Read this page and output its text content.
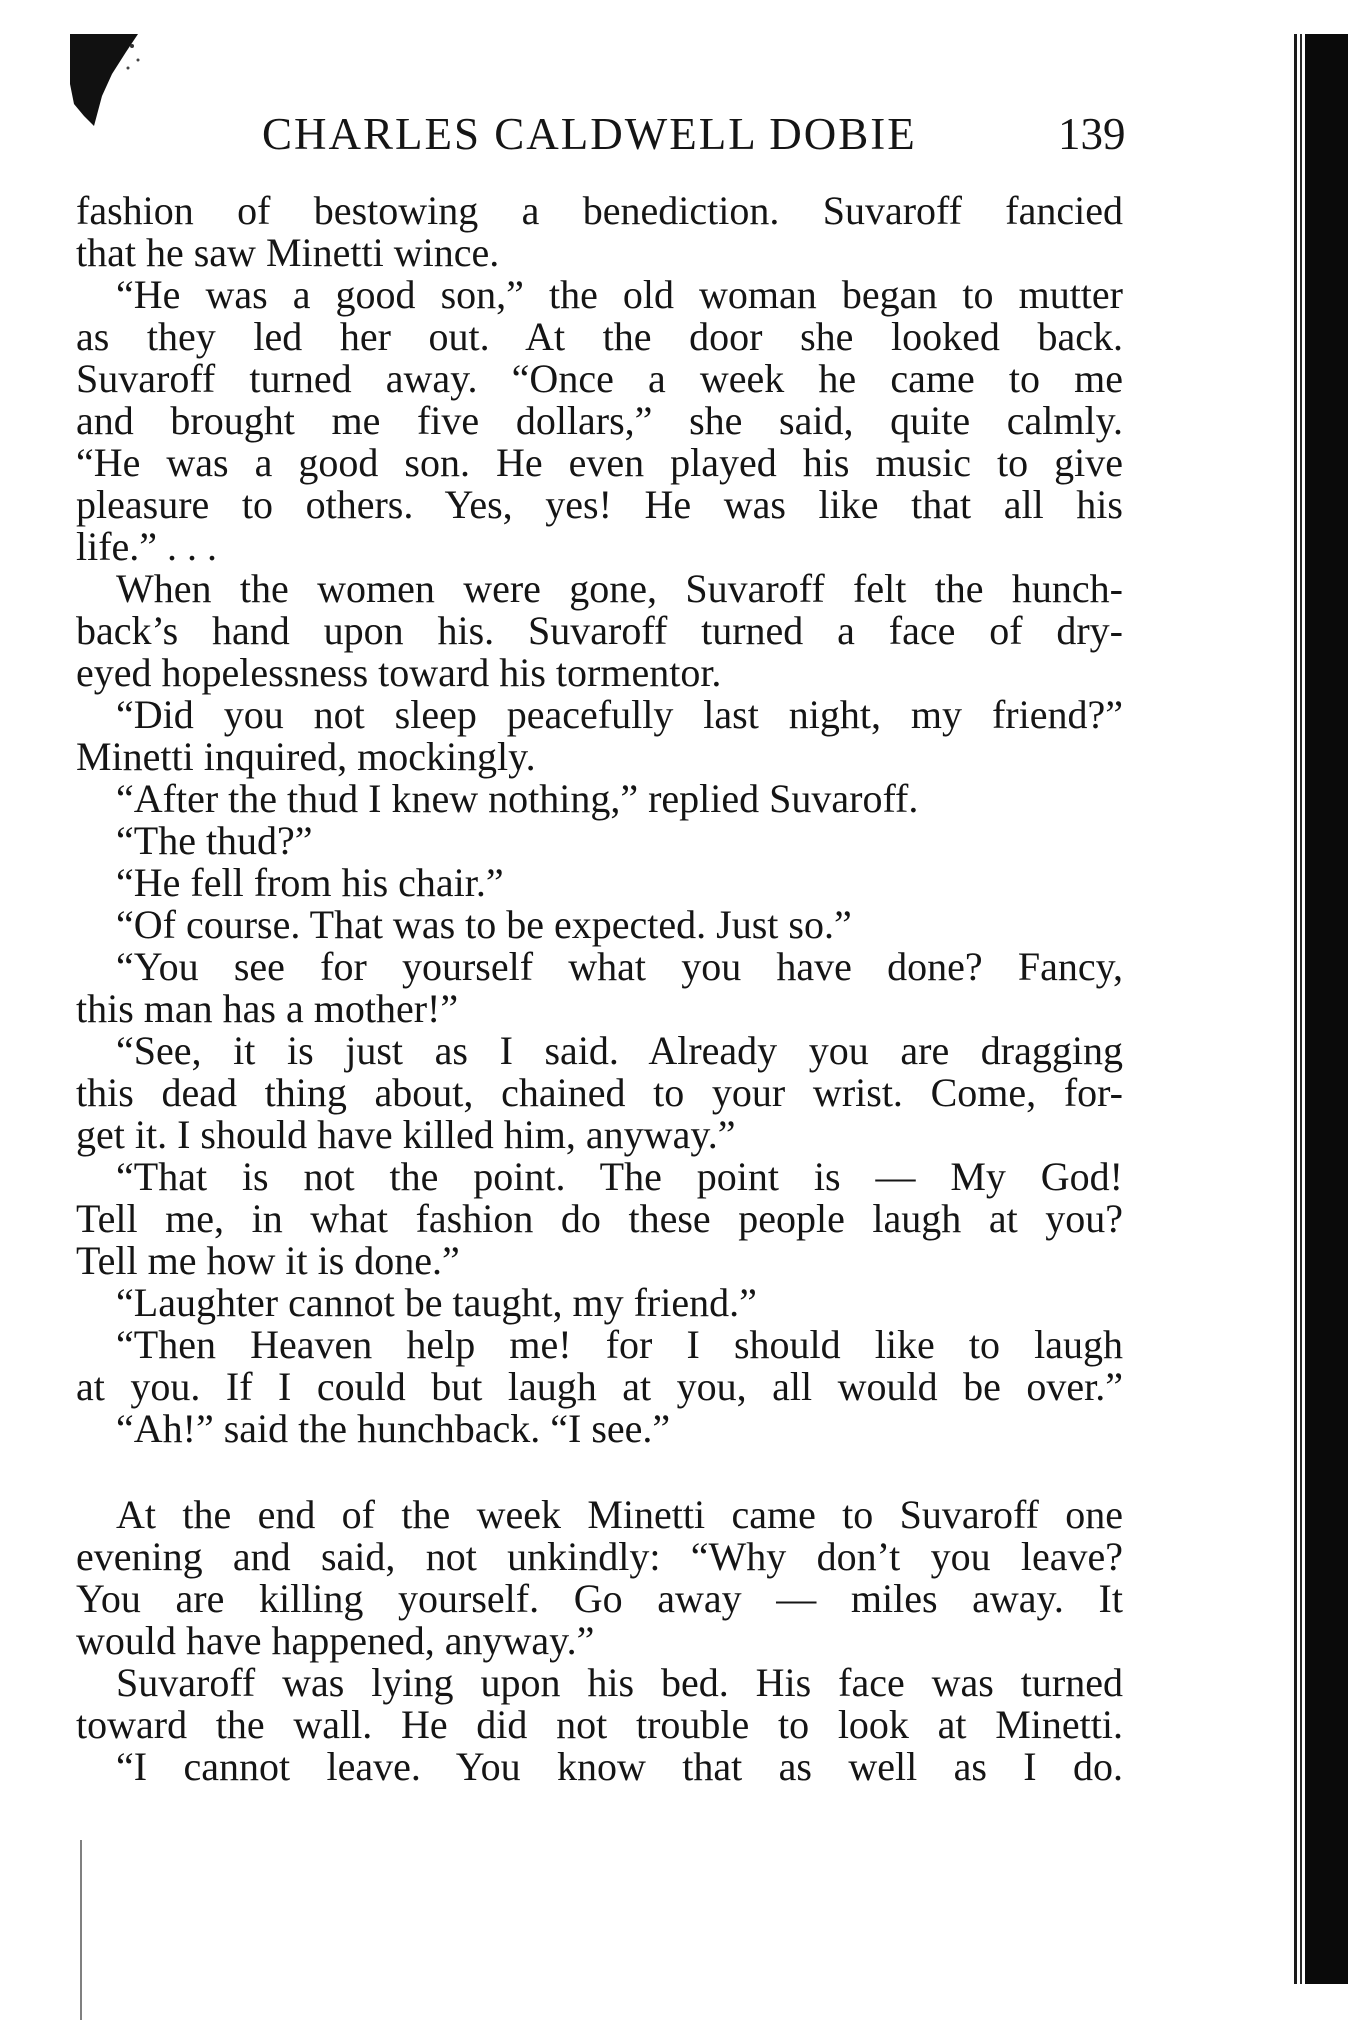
CHARLES CALDWELL DOBIE	139
fashion of bestowing a benediction. Suvaroff fancied
that he saw Minetti wince.
“He was a good son,” the old woman began to mutter
as they led her out. At the door she looked back.
Suvaroff turned away. “Once a week he came to me
and brought me five dollars,” she said, quite calmly.
“He was a good son. He even played his music to give
pleasure to others. Yes, yes! He was like that all his
life.” . . .
When the women were gone, Suvaroff felt the hunch-
back’s hand upon his. Suvaroff turned a face of dry-
eyed hopelessness toward his tormentor.
“Did you not sleep peacefully last night, my friend?”
Minetti inquired, mockingly.
“After the thud I knew nothing,” replied Suvaroff.
“The thud?”
“He fell from his chair.”
“Of course. That was to be expected. Just so.”
“You see for yourself what you have done? Fancy,
this man has a mother!”
“See, it is just as I said. Already you are dragging
this dead thing about, chained to your wrist. Come, for-
get it. I should have killed him, anyway.”
“That is not the point. The point is — My God!
Tell me, in what fashion do these people laugh at you?
Tell me how it is done.”
“Laughter cannot be taught, my friend.”
“Then Heaven help me! for I should like to laugh
at you. If I could but laugh at you, all would be over.”
“Ah!” said the hunchback. “I see.”
At the end of the week Minetti came to Suvaroff one
evening and said, not unkindly: “Why don’t you leave?
You are killing yourself. Go away — miles away. It
would have happened, anyway.”
Suvaroff was lying upon his bed. His face was turned
toward the wall. He did not trouble to look at Minetti.
“I cannot leave. You know that as well as I do.
